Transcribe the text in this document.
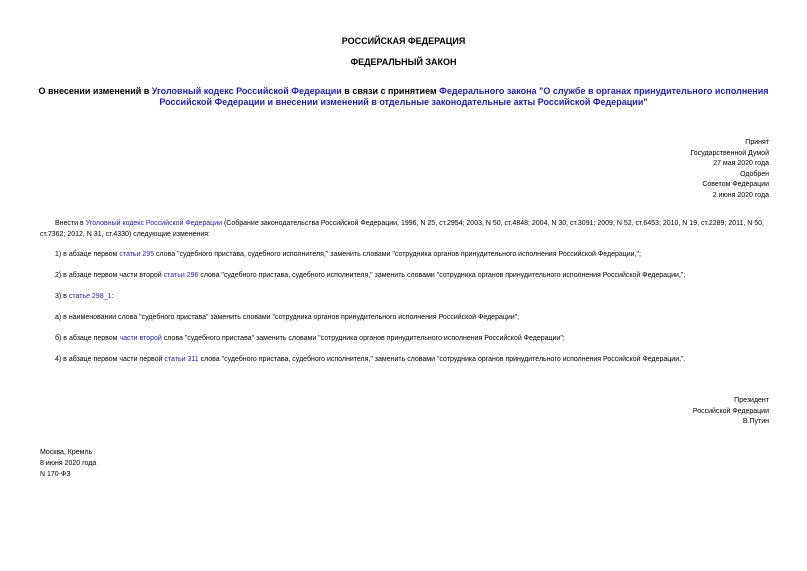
РОССИЙСКАЯ ФЕДЕРАЦИЯ
ФЕДЕРАЛЬНЫЙ ЗАКОН
О внесении изменений в Уголовный кодекс Российской Федерации в связи с принятием Федерального закона "О службе в органах принудительного исполнения Российской Федерации и внесении изменений в отдельные законодательные акты Российской Федерации"
Принят
Государственной Думой
27 мая 2020 года
Одобрен
Советом Федерации
2 июня 2020 года
Внести в Уголовный кодекс Российской Федерации (Собрание законодательства Российской Федерации, 1996, N 25, ст.2954; 2003, N 50, ст.4848; 2004, N 30, ст.3091; 2009, N 52, ст.6453; 2010, N 19, ст.2289; 2011, N 50, ст.7362; 2012, N 31, ст.4330) следующие изменения:
1) в абзаце первом статьи 295 слова "судебного пристава, судебного исполнителя," заменить словами "сотрудника органов принудительного исполнения Российской Федерации,";
2) в абзаце первом части второй статьи 296 слова "судебного пристава, судебного исполнителя," заменить словами "сотрудника органов принудительного исполнения Российской Федерации,";
3) в статье 298_1:
а) в наименовании слова "судебного пристава" заменить словами "сотрудника органов принудительного исполнения Российской Федерации";
б) в абзаце первом части второй слова "судебного пристава" заменить словами "сотрудника органов принудительного исполнения Российской Федерации";
4) в абзаце первом части первой статьи 311 слова "судебного пристава, судебного исполнителя," заменить словами "сотрудника органов принудительного исполнения Российской Федерации,".
Президент
Российской Федерации
В.Путин
Москва, Кремль
8 июня 2020 года
N 170-ФЗ
